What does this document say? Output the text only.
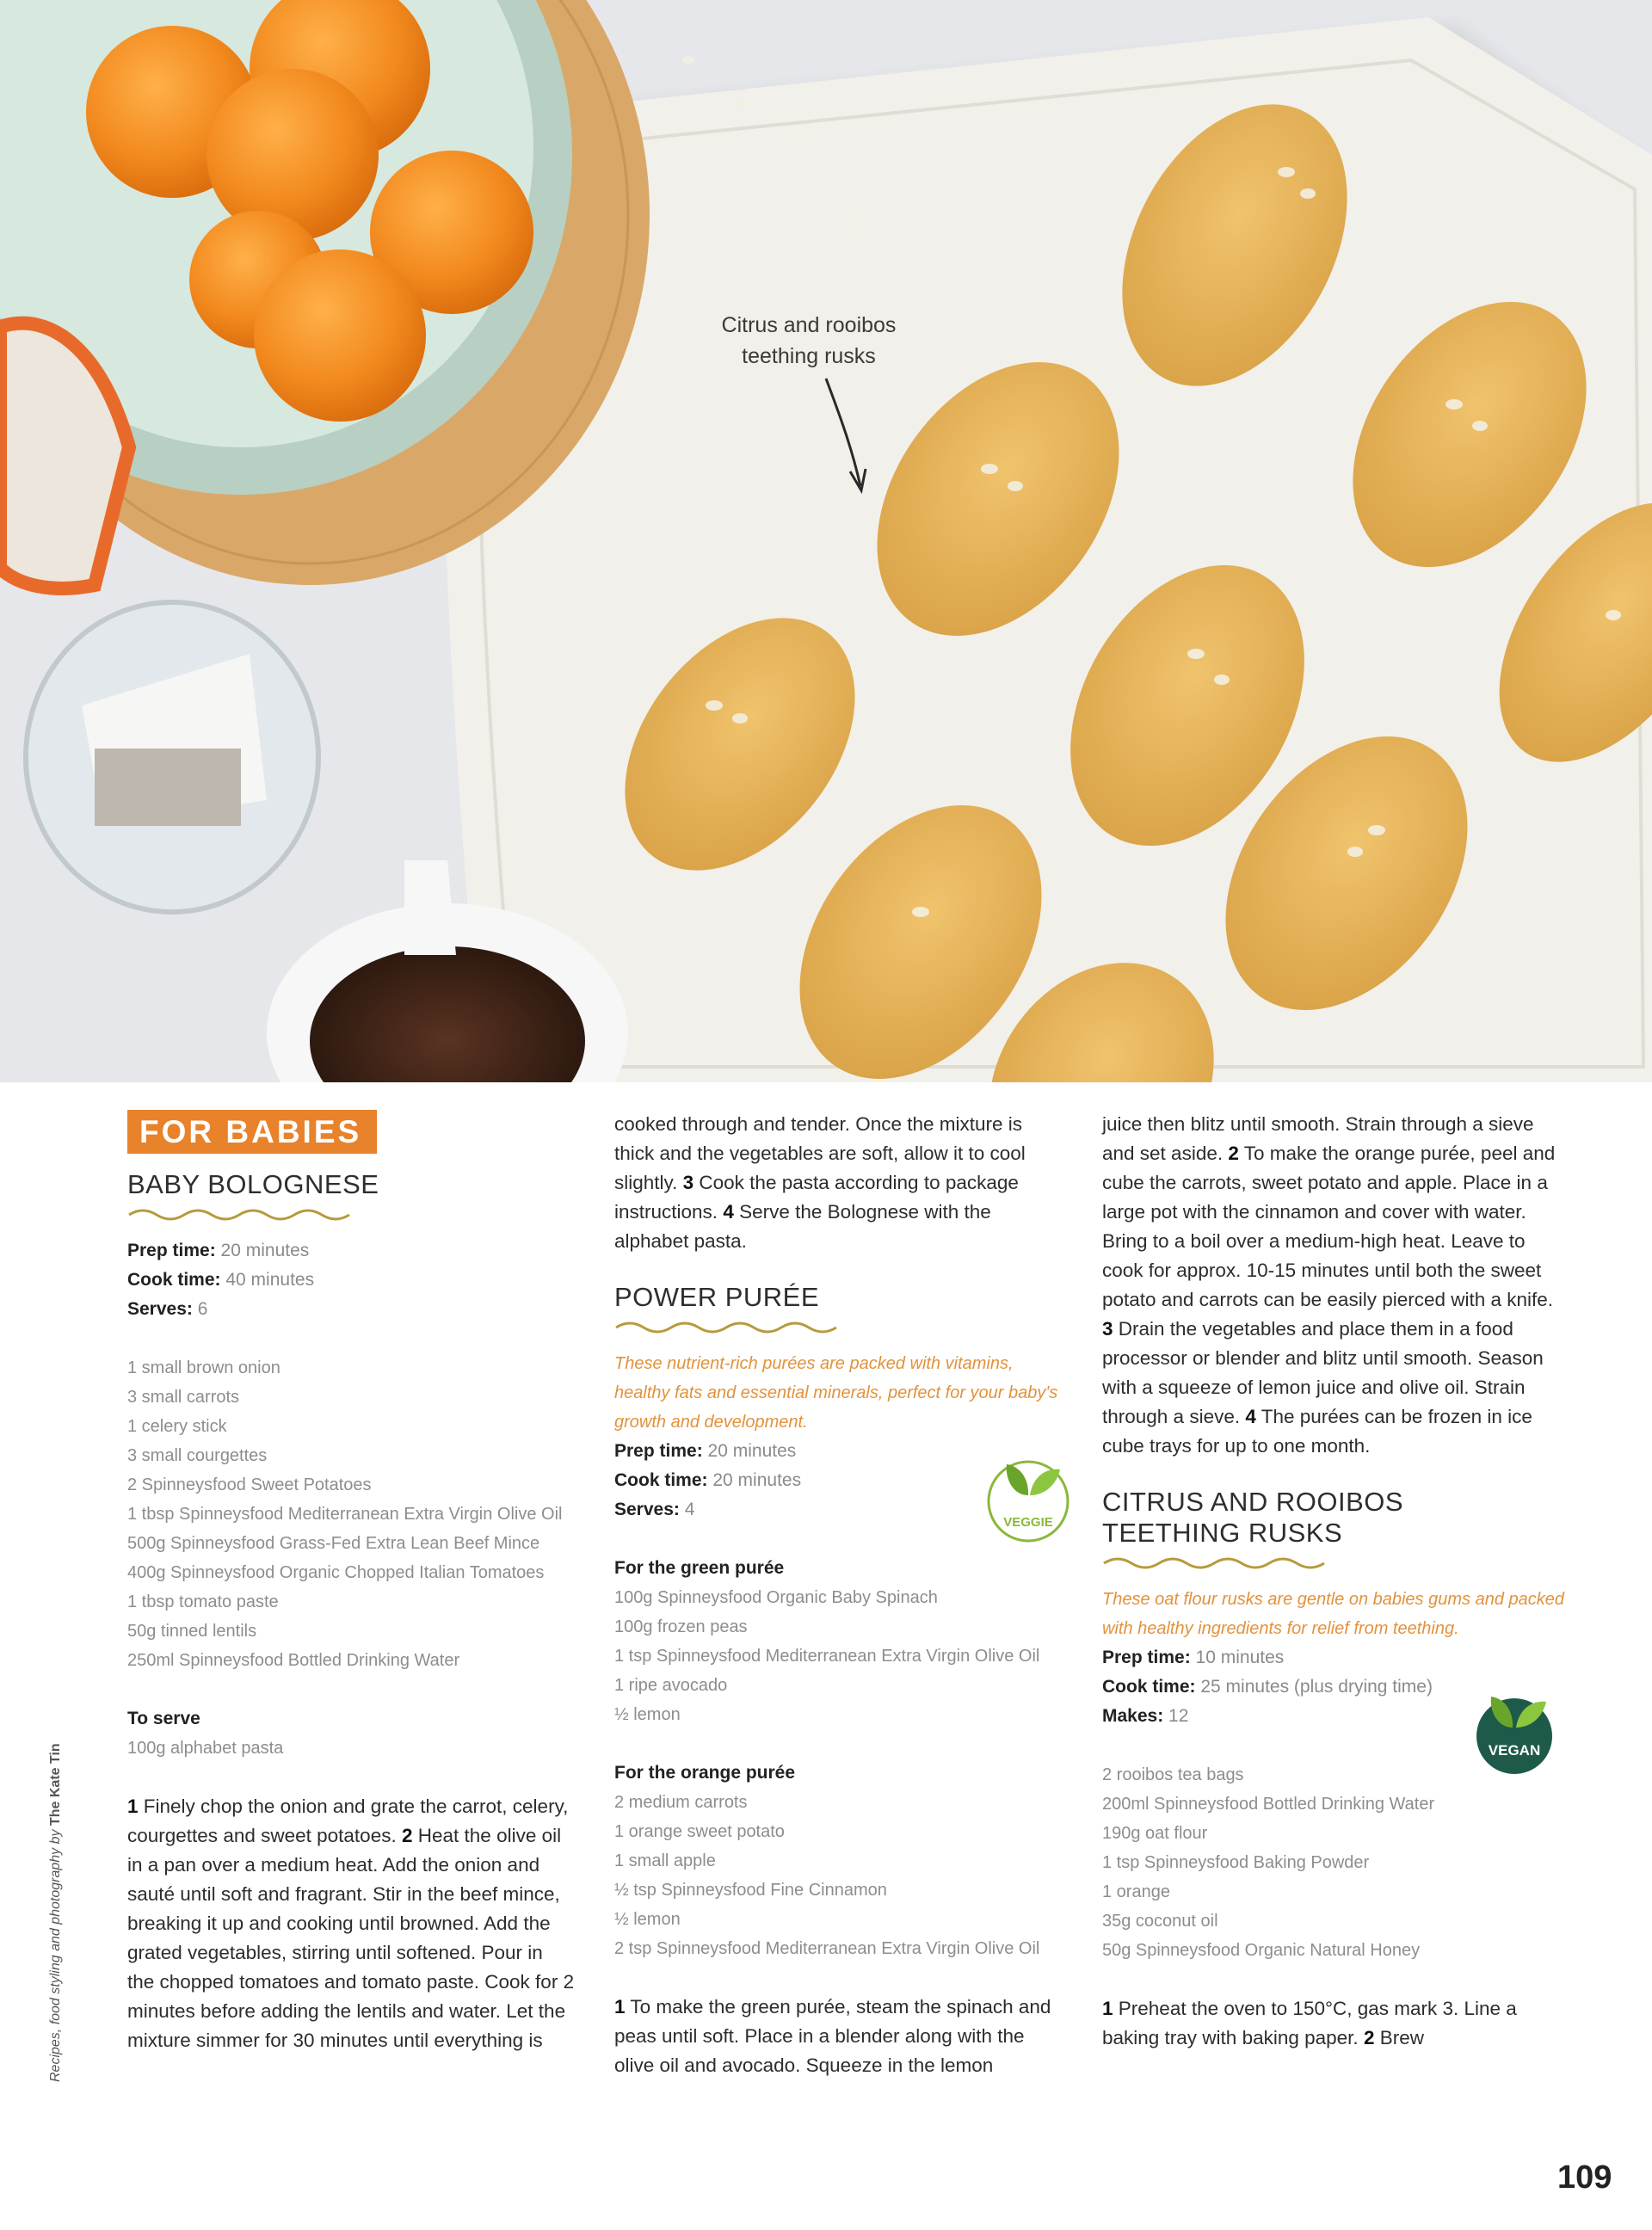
Citrus and rooibos
teething rusks
FOR BABIES
BABY BOLOGNESE
Prep time: 20 minutes
Cook time: 40 minutes
Serves: 6
1 small brown onion
3 small carrots
1 celery stick
3 small courgettes
2 Spinneysfood Sweet Potatoes
1 tbsp Spinneysfood Mediterranean Extra Virgin Olive Oil
500g Spinneysfood Grass-Fed Extra Lean Beef Mince
400g Spinneysfood Organic Chopped Italian Tomatoes
1 tbsp tomato paste
50g tinned lentils
250ml Spinneysfood Bottled Drinking Water
To serve
100g alphabet pasta

1 Finely chop the onion and grate the carrot, celery, courgettes and sweet potatoes. 2 Heat the olive oil in a pan over a medium heat. Add the onion and sauté until soft and fragrant. Stir in the beef mince, breaking it up and cooking until browned. Add the grated vegetables, stirring until softened. Pour in the chopped tomatoes and tomato paste. Cook for 2 minutes before adding the lentils and water. Let the mixture simmer for 30 minutes until everything is

cooked through and tender. Once the mixture is thick and the vegetables are soft, allow it to cool slightly. 3 Cook the pasta according to package instructions. 4 Serve the Bolognese with the alphabet pasta.

POWER PURÉE

These nutrient-rich purées are packed with vitamins, healthy fats and essential minerals, perfect for your baby's growth and development.

Prep time: 20 minutes
Cook time: 20 minutes
Serves: 4
For the green purée
100g Spinneysfood Organic Baby Spinach
100g frozen peas
1 tsp Spinneysfood Mediterranean Extra Virgin Olive Oil
1 ripe avocado
½ lemon
For the orange purée
2 medium carrots
1 orange sweet potato
1 small apple
½ tsp Spinneysfood Fine Cinnamon
½ lemon
2 tsp Spinneysfood Mediterranean Extra Virgin Olive Oil

1 To make the green purée, steam the spinach and peas until soft. Place in a blender along with the olive oil and avocado. Squeeze in the lemon

VEGGIE

juice then blitz until smooth. Strain through a sieve and set aside. 2 To make the orange purée, peel and cube the carrots, sweet potato and apple. Place in a large pot with the cinnamon and cover with water. Bring to a boil over a medium-high heat. Leave to cook for approx. 10-15 minutes until both the sweet potato and carrots can be easily pierced with a knife. 3 Drain the vegetables and place them in a food processor or blender and blitz until smooth. Season with a squeeze of lemon juice and olive oil. Strain through a sieve. 4 The purées can be frozen in ice cube trays for up to one month.

CITRUS AND ROOIBOS
TEETHING RUSKS

These oat flour rusks are gentle on babies gums and packed with healthy ingredients for relief from teething.

Prep time: 10 minutes
Cook time: 25 minutes (plus drying time)
Makes: 12
2 rooibos tea bags
200ml Spinneysfood Bottled Drinking Water
190g oat flour
1 tsp Spinneysfood Baking Powder
1 orange
35g coconut oil
50g Spinneysfood Organic Natural Honey

1 Preheat the oven to 150°C, gas mark 3. Line a baking tray with baking paper. 2 Brew

VEGAN
Recipes, food styling and photography by The Kate Tin
109
